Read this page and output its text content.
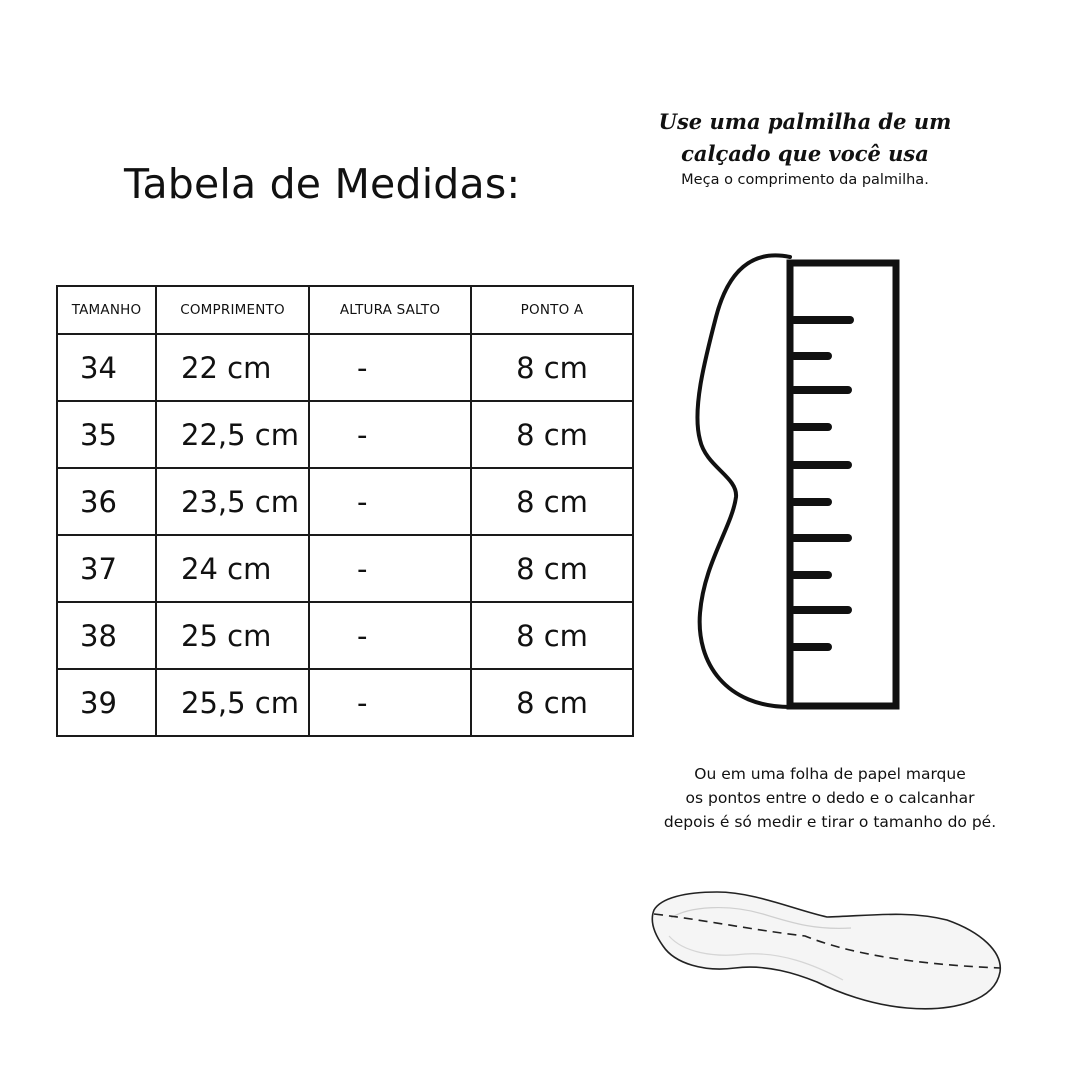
Tabela de Medidas:
TAMANHO	COMPRIMENTO	ALTURA SALTO	PONTO A
34	22 cm	-	8 cm
35	22,5 cm	-	8 cm
36	23,5 cm	-	8 cm
37	24 cm	-	8 cm
38	25 cm	-	8 cm
39	25,5 cm	-	8 cm
Use uma palmilha de um
calçado que você usa
Meça o comprimento da palmilha.
Ou em uma folha de papel marque
os pontos entre o dedo e o calcanhar
depois é só medir e tirar o tamanho do pé.
